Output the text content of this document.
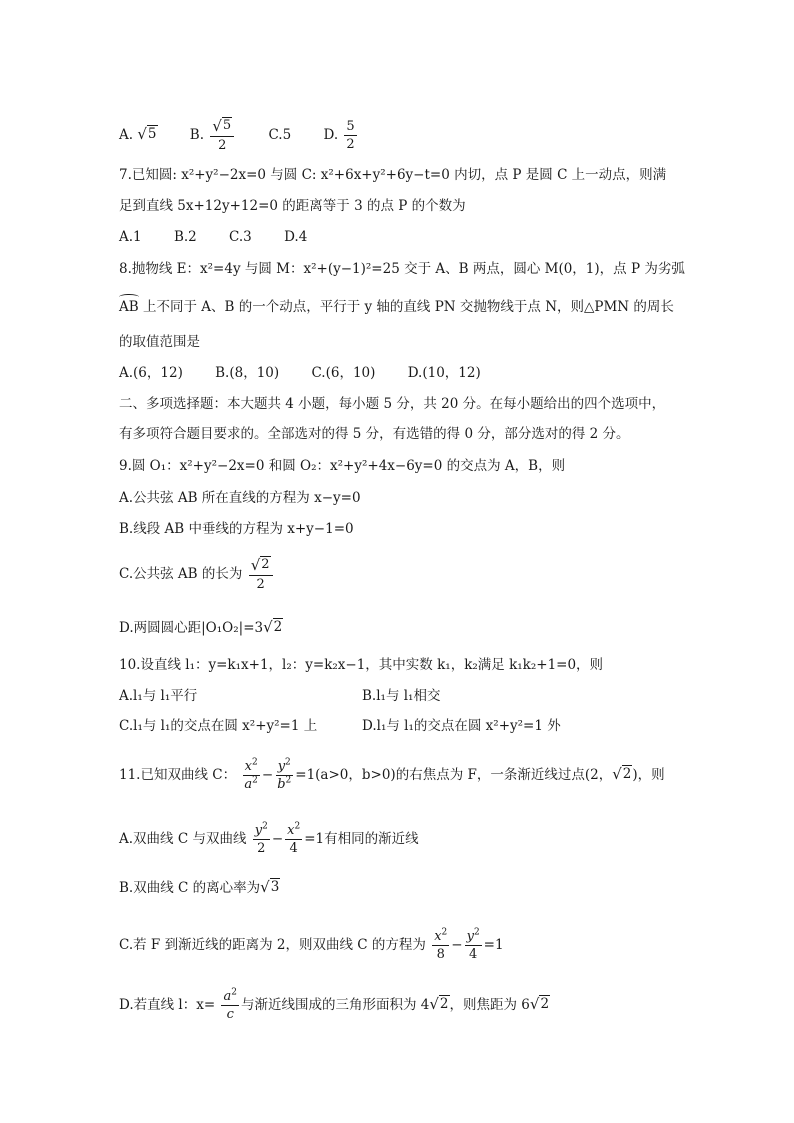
A. √ 5 B. $\frac{√ 5}{2}$	C.5 D. $\frac{5}{2}$
7.已知圆: x²+y²−2x=0 与圆 C: x²+6x+y²+6y−t=0 内切，点 P 是圆 C 上一动点，则满
足到直线 5x+12y+12=0 的距离等于 3 的点 P 的个数为
A.1 B.2 C.3 D.4
8.抛物线 E：x²=4y 与圆 M：x²+(y−1)²=25 交于 A、B 两点，圆心 M(0，1)，点 P 为劣弧
AB 上不同于 A、B 的一个动点，平行于 y 轴的直线 PN 交抛物线于点 N，则△PMN 的周长
的取值范围是
A.(6，12) B.(8，10) C.(6，10) D.(10，12)
二、多项选择题：本大题共 4 小题，每小题 5 分，共 20 分。在每小题给出的四个选项中，
有多项符合题目要求的。全部选对的得 5 分，有选错的得 0 分，部分选对的得 2 分。
9.圆 O₁：x²+y²−2x=0 和圆 O₂：x²+y²+4x−6y=0 的交点为 A，B，则
A.公共弦 AB 所在直线的方程为 x−y=0
B.线段 AB 中垂线的方程为 x+y−1=0
C.公共弦 AB 的长为 $\frac{√ 2}{2}$
D.两圆圆心距|O₁O₂|=3 √ 2
10.设直线 l₁：y=k₁x+1，l₂：y=k₂x−1，其中实数 k₁，k₂满足 k₁k₂+1=0，则
A.l₁与 l₁平行	B.l₁与 l₁相交
C.l₁与 l₁的交点在圆 x²+y²=1 上	D.l₁与 l₁的交点在圆 x²+y²=1 外
11.已知双曲线 C： $\frac{x^2}{a^2} - \frac{y^2}{b^2} =1(a>0$，b>0)的右焦点为 F，一条渐近线过点(2， √ 2 )，则
A.双曲线 C 与双曲线 $\frac{y^2}{2} - \frac{x^2}{4} =1$有相同的渐近线
B.双曲线 C 的离心率为 √ 3
C.若 F 到渐近线的距离为 2，则双曲线 C 的方程为 $\frac{x^2}{8} - \frac{y^2}{4} =1$
D.若直线 l：$x= \frac{a^2}{c}$ 与渐近线围成的三角形面积为 4 √ 2 ，则焦距为 6 √ 2
